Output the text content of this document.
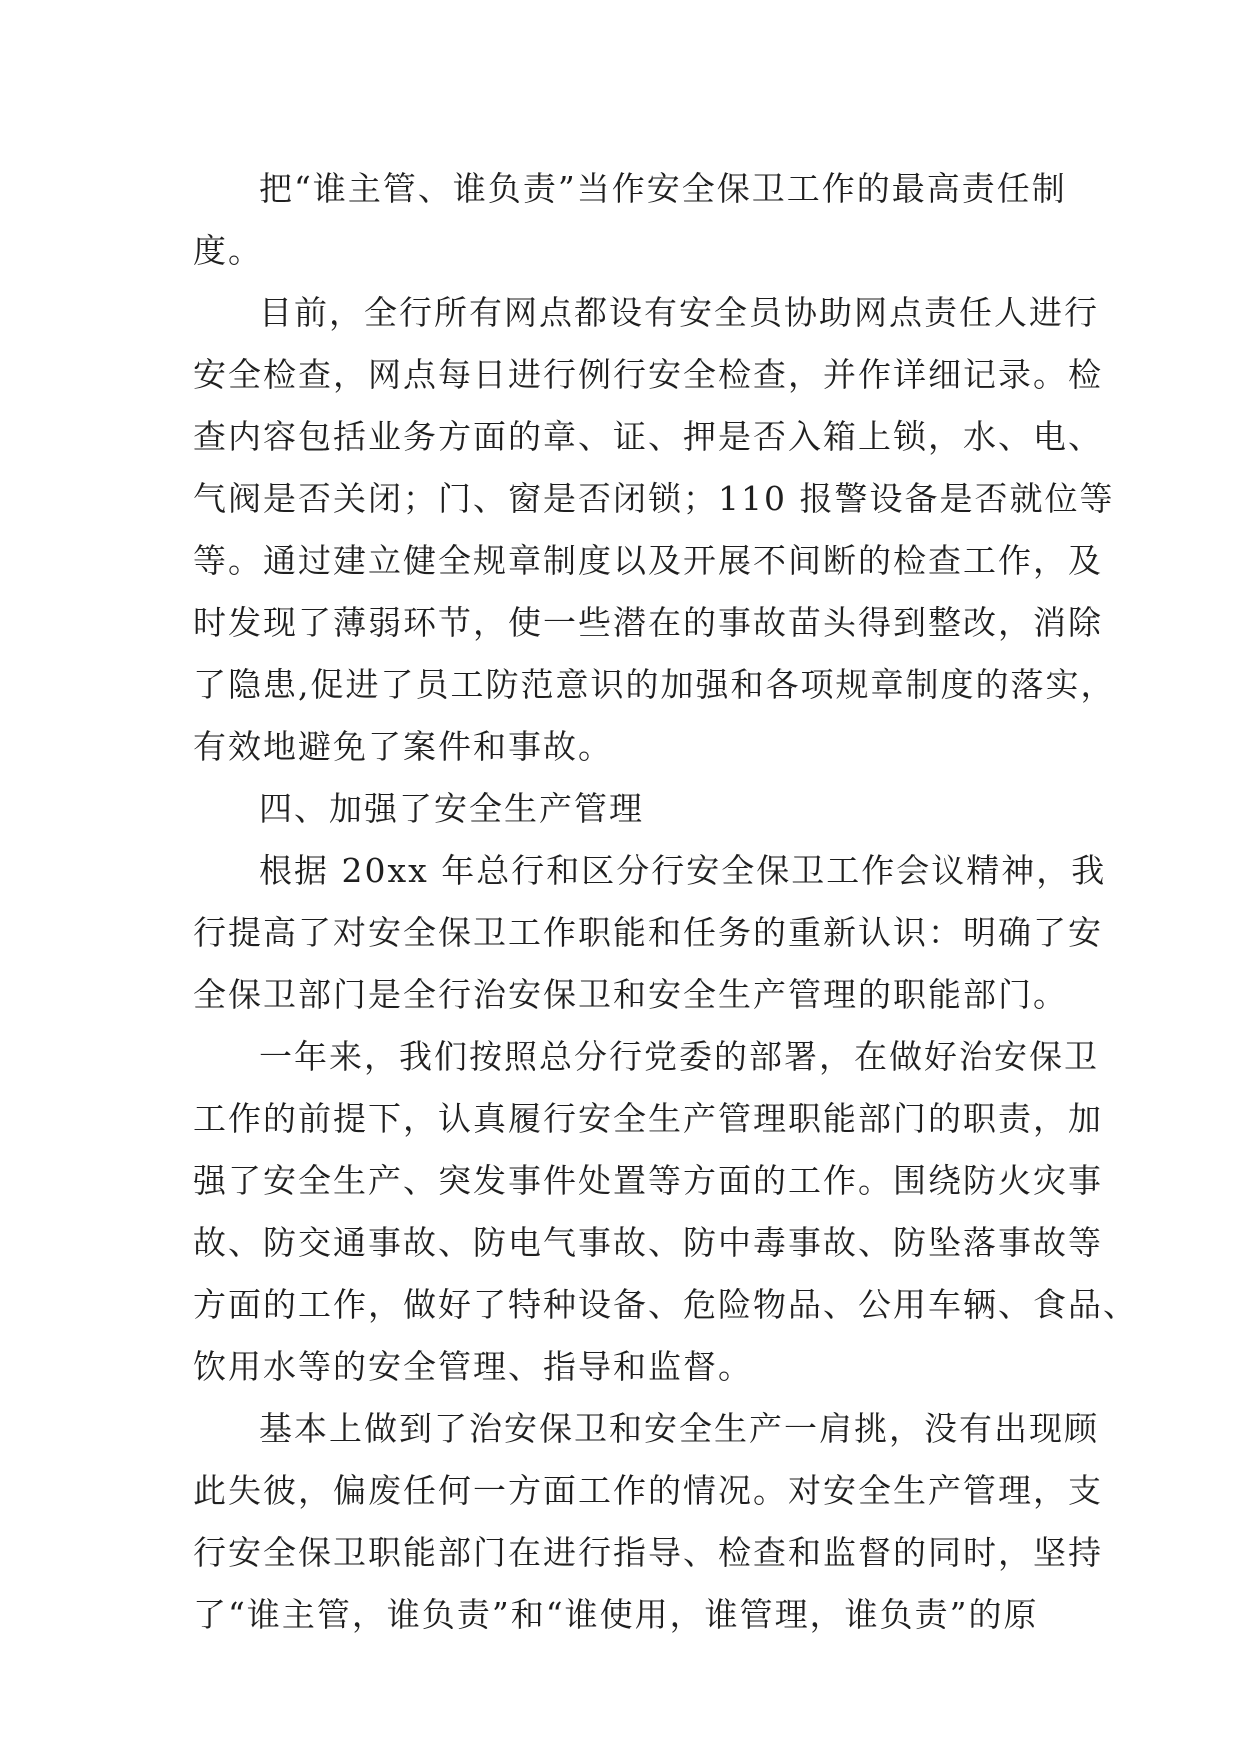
把“谁主管、谁负责”当作安全保卫工作的最高责任制
度。

目前，全行所有网点都设有安全员协助网点责任人进行
安全检查，网点每日进行例行安全检查，并作详细记录。检
查内容包括业务方面的章、证、押是否入箱上锁，水、电、
气阀是否关闭；门、窗是否闭锁；110 报警设备是否就位等
等。通过建立健全规章制度以及开展不间断的检查工作，及
时发现了薄弱环节，使一些潜在的事故苗头得到整改，消除
了隐患,促进了员工防范意识的加强和各项规章制度的落实，
有效地避免了案件和事故。

四、加强了安全生产管理

根据 20xx 年总行和区分行安全保卫工作会议精神，我
行提高了对安全保卫工作职能和任务的重新认识：明确了安
全保卫部门是全行治安保卫和安全生产管理的职能部门。

一年来，我们按照总分行党委的部署，在做好治安保卫
工作的前提下，认真履行安全生产管理职能部门的职责，加
强了安全生产、突发事件处置等方面的工作。围绕防火灾事
故、防交通事故、防电气事故、防中毒事故、防坠落事故等
方面的工作，做好了特种设备、危险物品、公用车辆、食品、
饮用水等的安全管理、指导和监督。

基本上做到了治安保卫和安全生产一肩挑，没有出现顾
此失彼，偏废任何一方面工作的情况。对安全生产管理，支
行安全保卫职能部门在进行指导、检查和监督的同时，坚持
了“谁主管，谁负责”和“谁使用，谁管理，谁负责”的原
